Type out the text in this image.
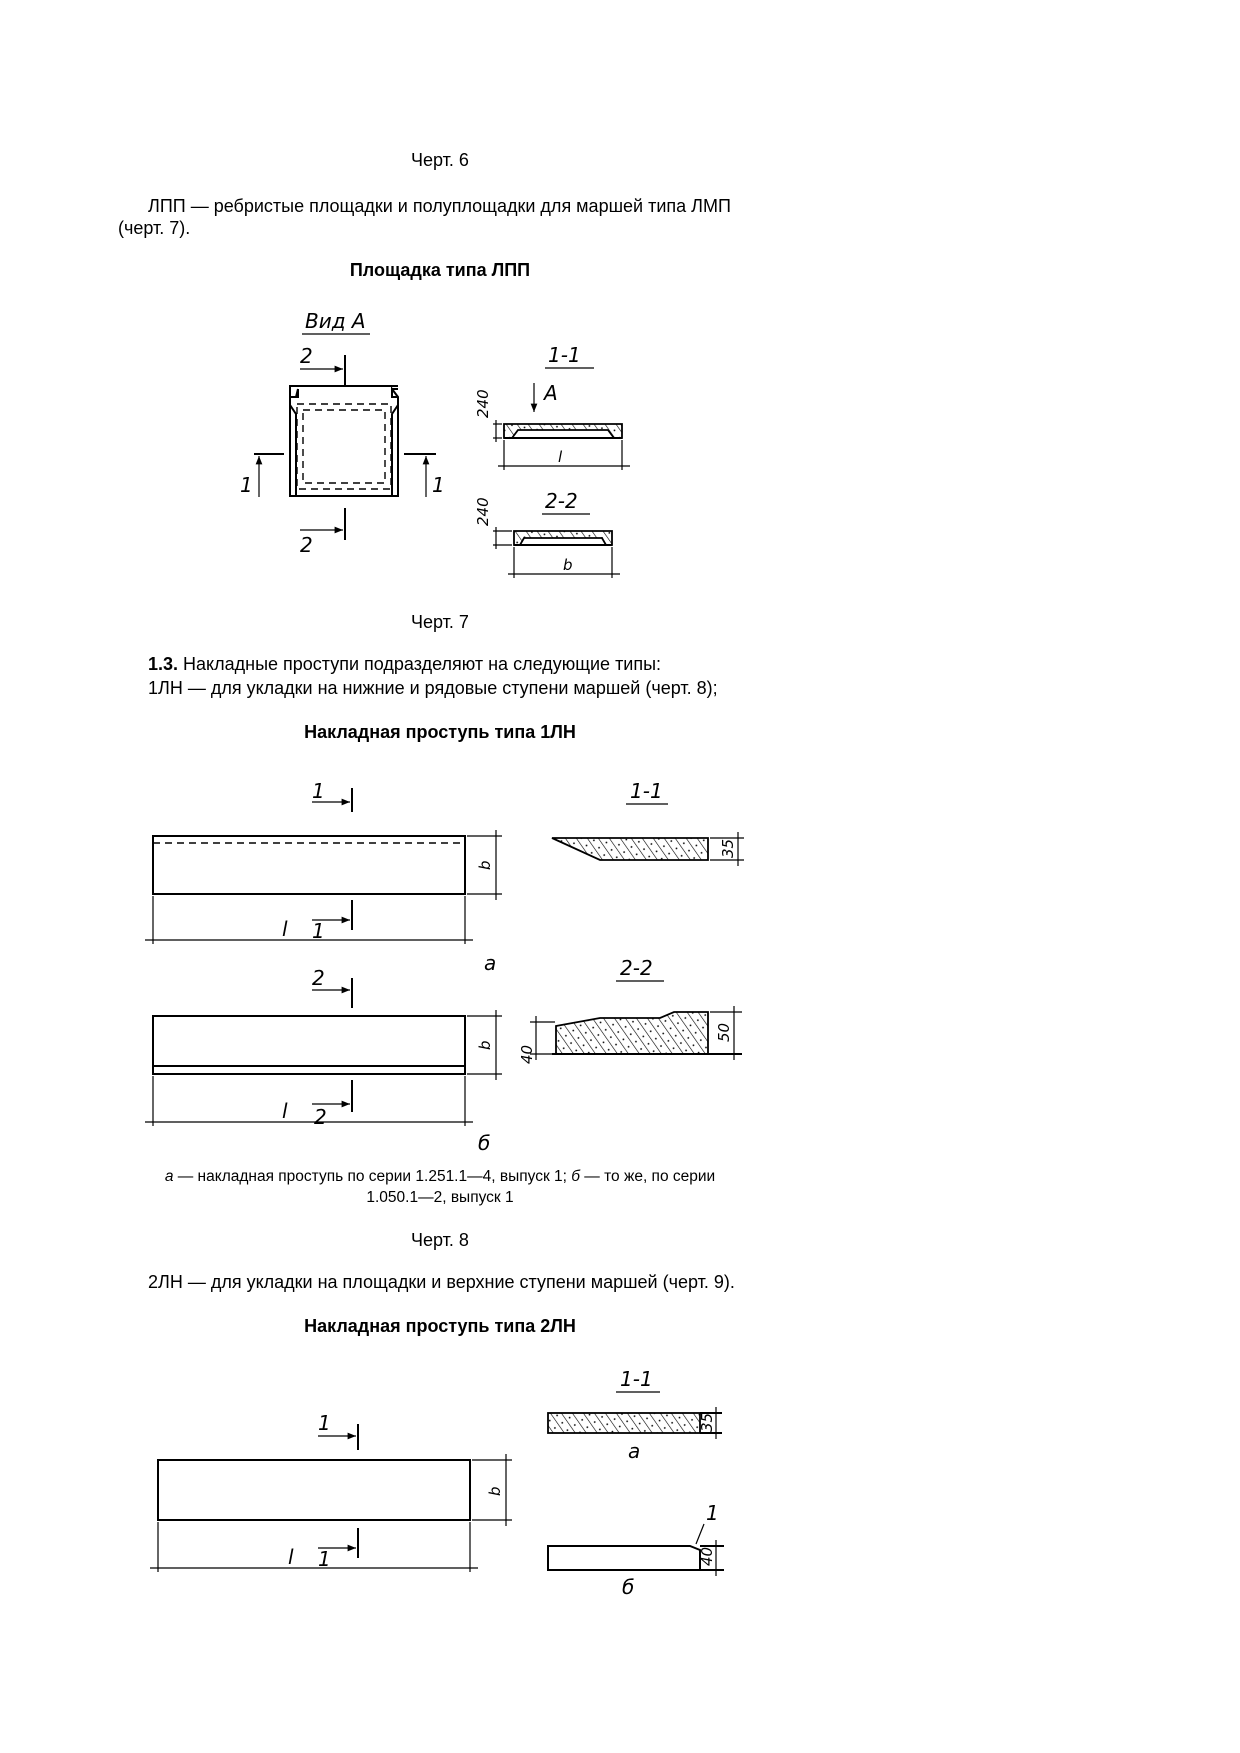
Черт. 6
ЛПП — ребристые площадки и полуплощадки для маршей типа ЛМП
(черт. 7).
Площадка типа ЛПП
Черт. 7
1.3. Накладные проступи подразделяют на следующие типы:
1ЛН — для укладки на нижние и рядовые ступени маршей (черт. 8);
Накладная проступь типа 1ЛН
а — накладная проступь по серии 1.251.1—4, выпуск 1; б — то же, по серии
1.050.1—2, выпуск 1
Черт. 8
2ЛН — для укладки на площадки и верхние ступени маршей (черт. 9).
Накладная проступь типа 2ЛН
Вид А
2
2
1	1
1-1
А
240
l
2-2
240
b
1
1
b
l
а
1-1
35
2
2
b
l
б
2-2
40
50
1
1
b
l
1-1
35
а
1
40
б
